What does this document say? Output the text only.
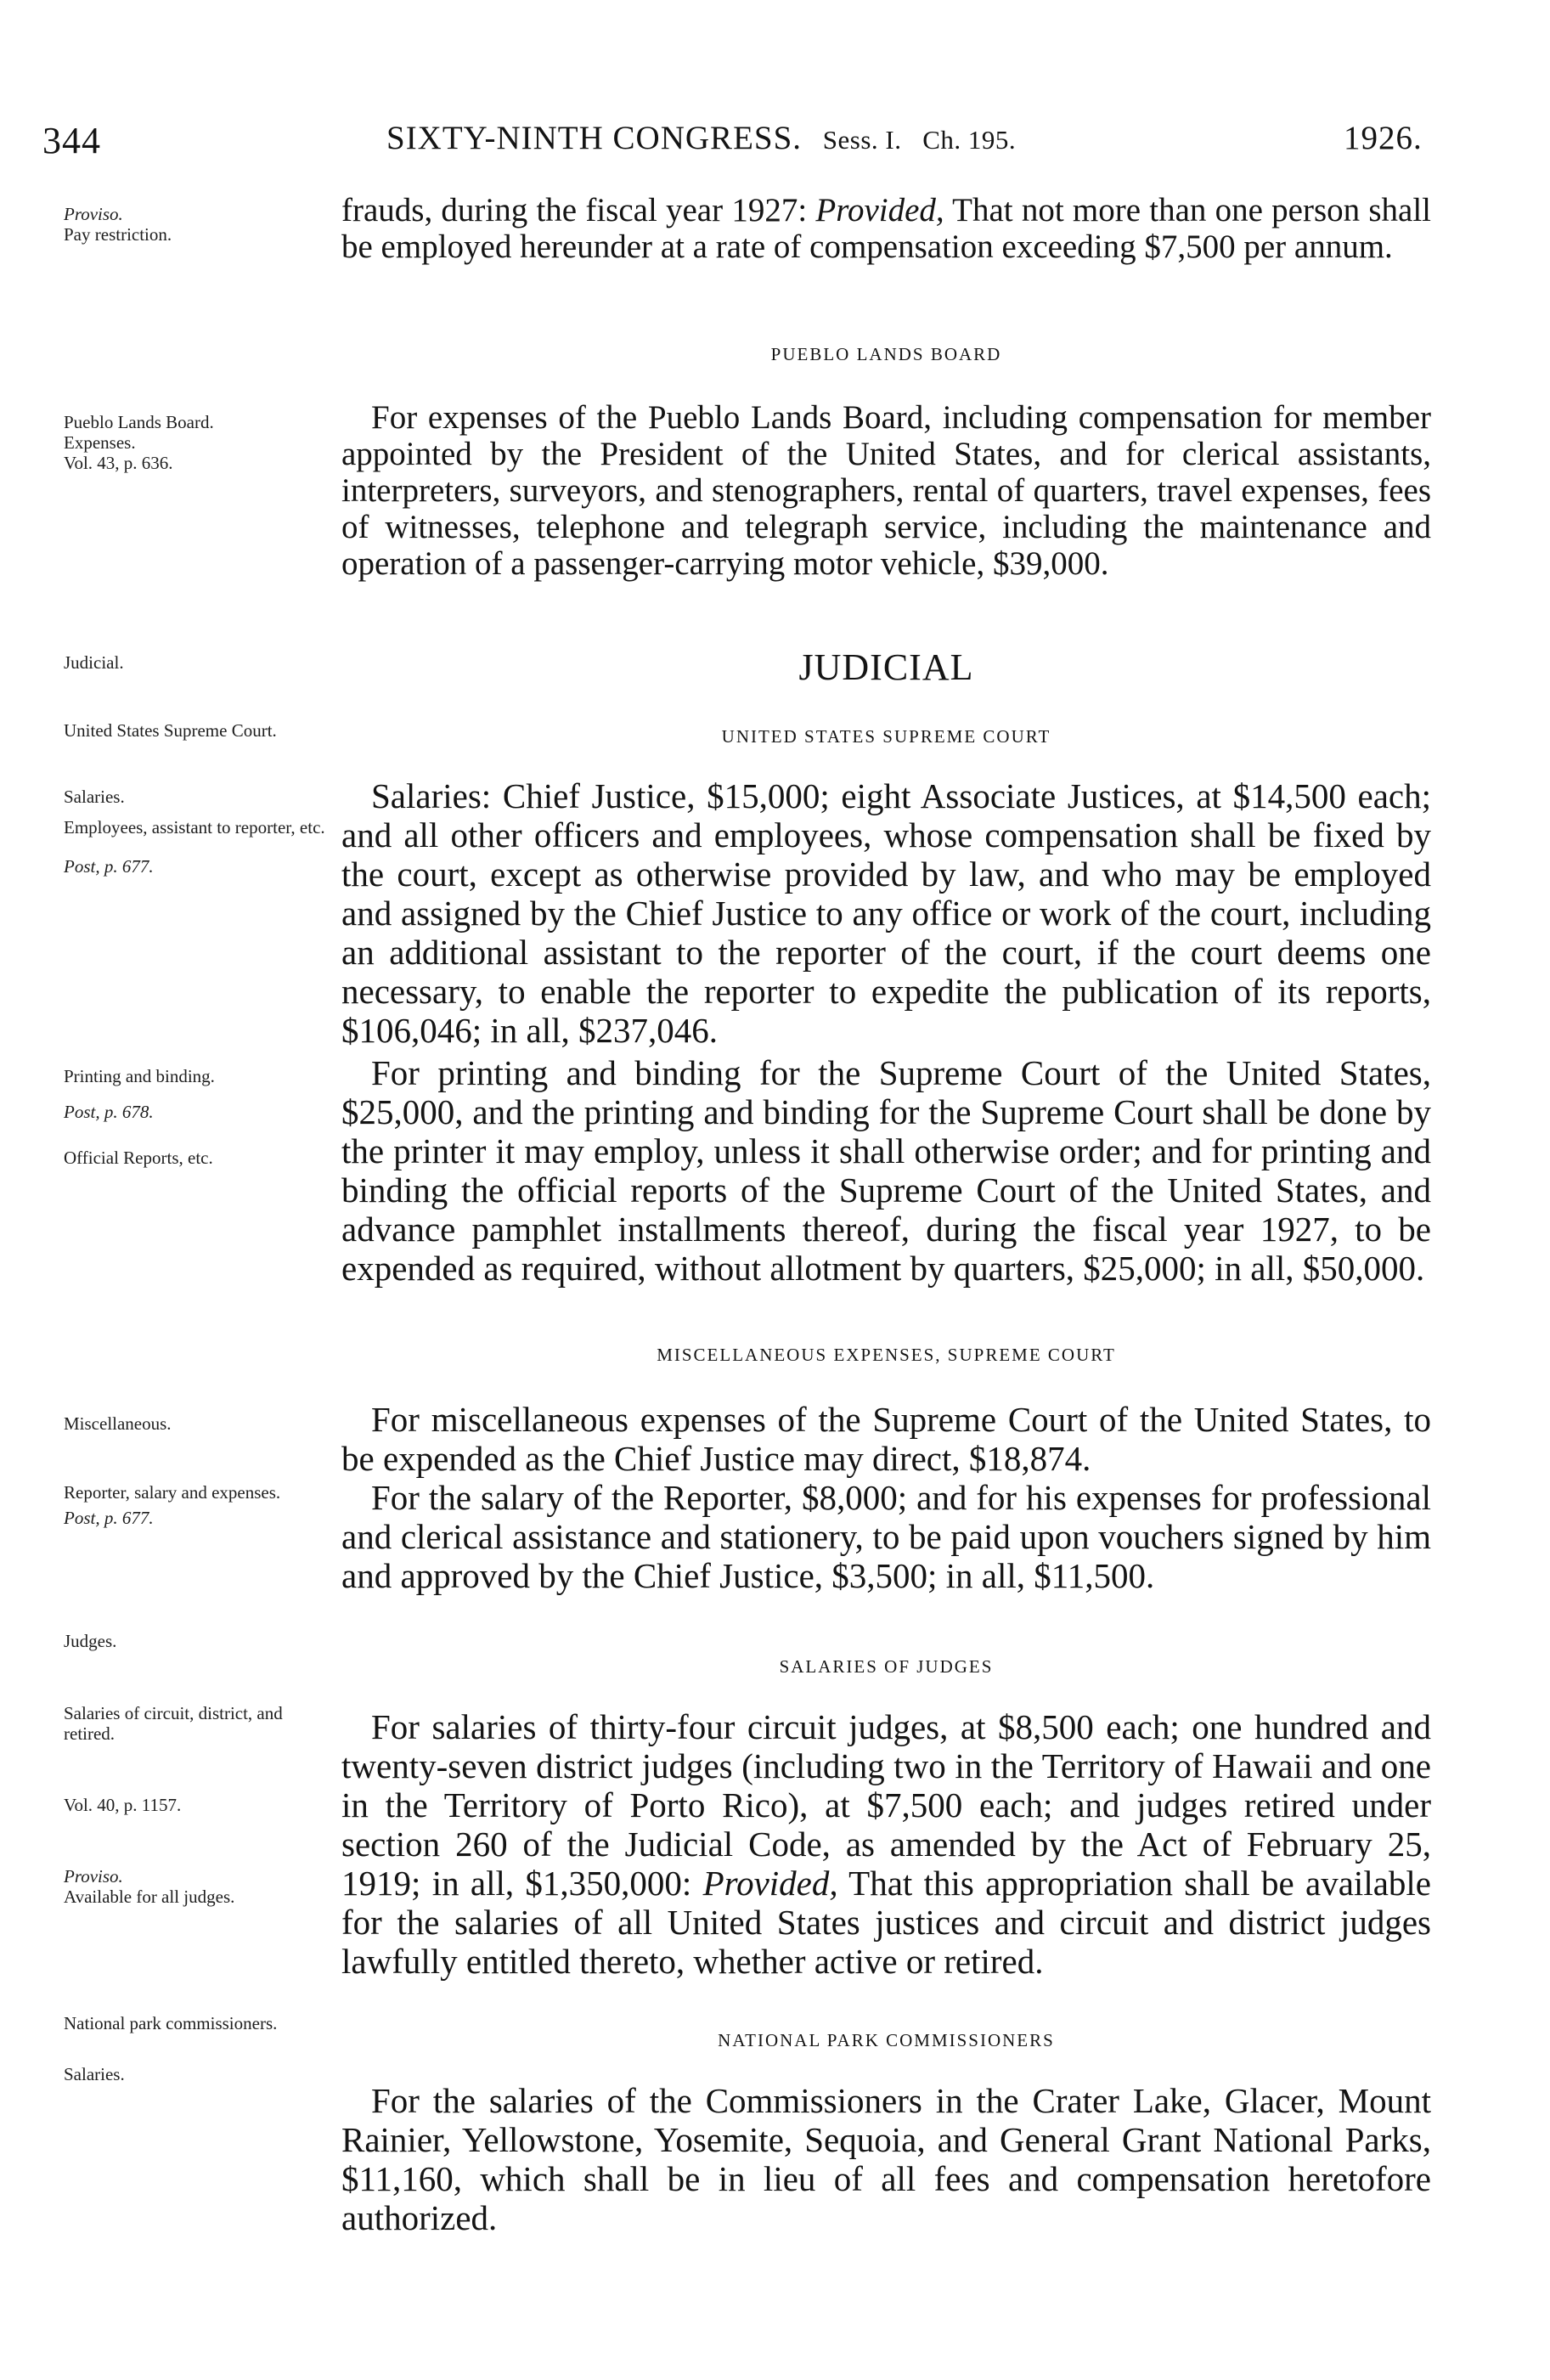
344	SIXTY-NINTH CONGRESS. Sess. I. Ch. 195.	1926.
Proviso.
Pay restriction.

frauds, during the fiscal year 1927: Provided, That not more than one person shall be employed hereunder at a rate of compensation exceeding $7,500 per annum.

PUEBLO LANDS BOARD
Pueblo Lands Board.
Expenses.
Vol. 43, p. 636.

For expenses of the Pueblo Lands Board, including compensation for member appointed by the President of the United States, and for clerical assistants, interpreters, surveyors, and stenographers, rental of quarters, travel expenses, fees of witnesses, telephone and telegraph service, including the maintenance and operation of a passenger-carrying motor vehicle, $39,000.

Judicial.	JUDICIAL
United States Supreme Court.	UNITED STATES SUPREME COURT
Salaries.
Employees, assistant to reporter, etc.
Post, p. 677.

Salaries: Chief Justice, $15,000; eight Associate Justices, at $14,500 each; and all other officers and employees, whose compensation shall be fixed by the court, except as otherwise provided by law, and who may be employed and assigned by the Chief Justice to any office or work of the court, including an additional assistant to the reporter of the court, if the court deems one necessary, to enable the reporter to expedite the publication of its reports, $106,046; in all, $237,046.

Printing and binding.
Post, p. 678.
Official Reports, etc.

For printing and binding for the Supreme Court of the United States, $25,000, and the printing and binding for the Supreme Court shall be done by the printer it may employ, unless it shall otherwise order; and for printing and binding the official reports of the Supreme Court of the United States, and advance pamphlet installments thereof, during the fiscal year 1927, to be expended as required, without allotment by quarters, $25,000; in all, $50,000.

MISCELLANEOUS EXPENSES, SUPREME COURT
Miscellaneous.	For miscellaneous expenses of the Supreme Court of the United States, to be expended as the Chief Justice may direct, $18,874.

Reporter, salary and expenses.
Post, p. 677.

For the salary of the Reporter, $8,000; and for his expenses for professional and clerical assistance and stationery, to be paid upon vouchers signed by him and approved by the Chief Justice, $3,500; in all, $11,500.

Judges.
SALARIES OF JUDGES
Salaries of circuit, district, and retired.
Vol. 40, p. 1157.
Proviso.
Available for all judges.

For salaries of thirty-four circuit judges, at $8,500 each; one hundred and twenty-seven district judges (including two in the Territory of Hawaii and one in the Territory of Porto Rico), at $7,500 each; and judges retired under section 260 of the Judicial Code, as amended by the Act of February 25, 1919; in all, $1,350,000: Provided, That this appropriation shall be available for the salaries of all United States justices and circuit and district judges lawfully entitled thereto, whether active or retired.

National park commissioners.
Salaries.
NATIONAL PARK COMMISSIONERS

For the salaries of the Commissioners in the Crater Lake, Glacer, Mount Rainier, Yellowstone, Yosemite, Sequoia, and General Grant National Parks, $11,160, which shall be in lieu of all fees and compensation heretofore authorized.
